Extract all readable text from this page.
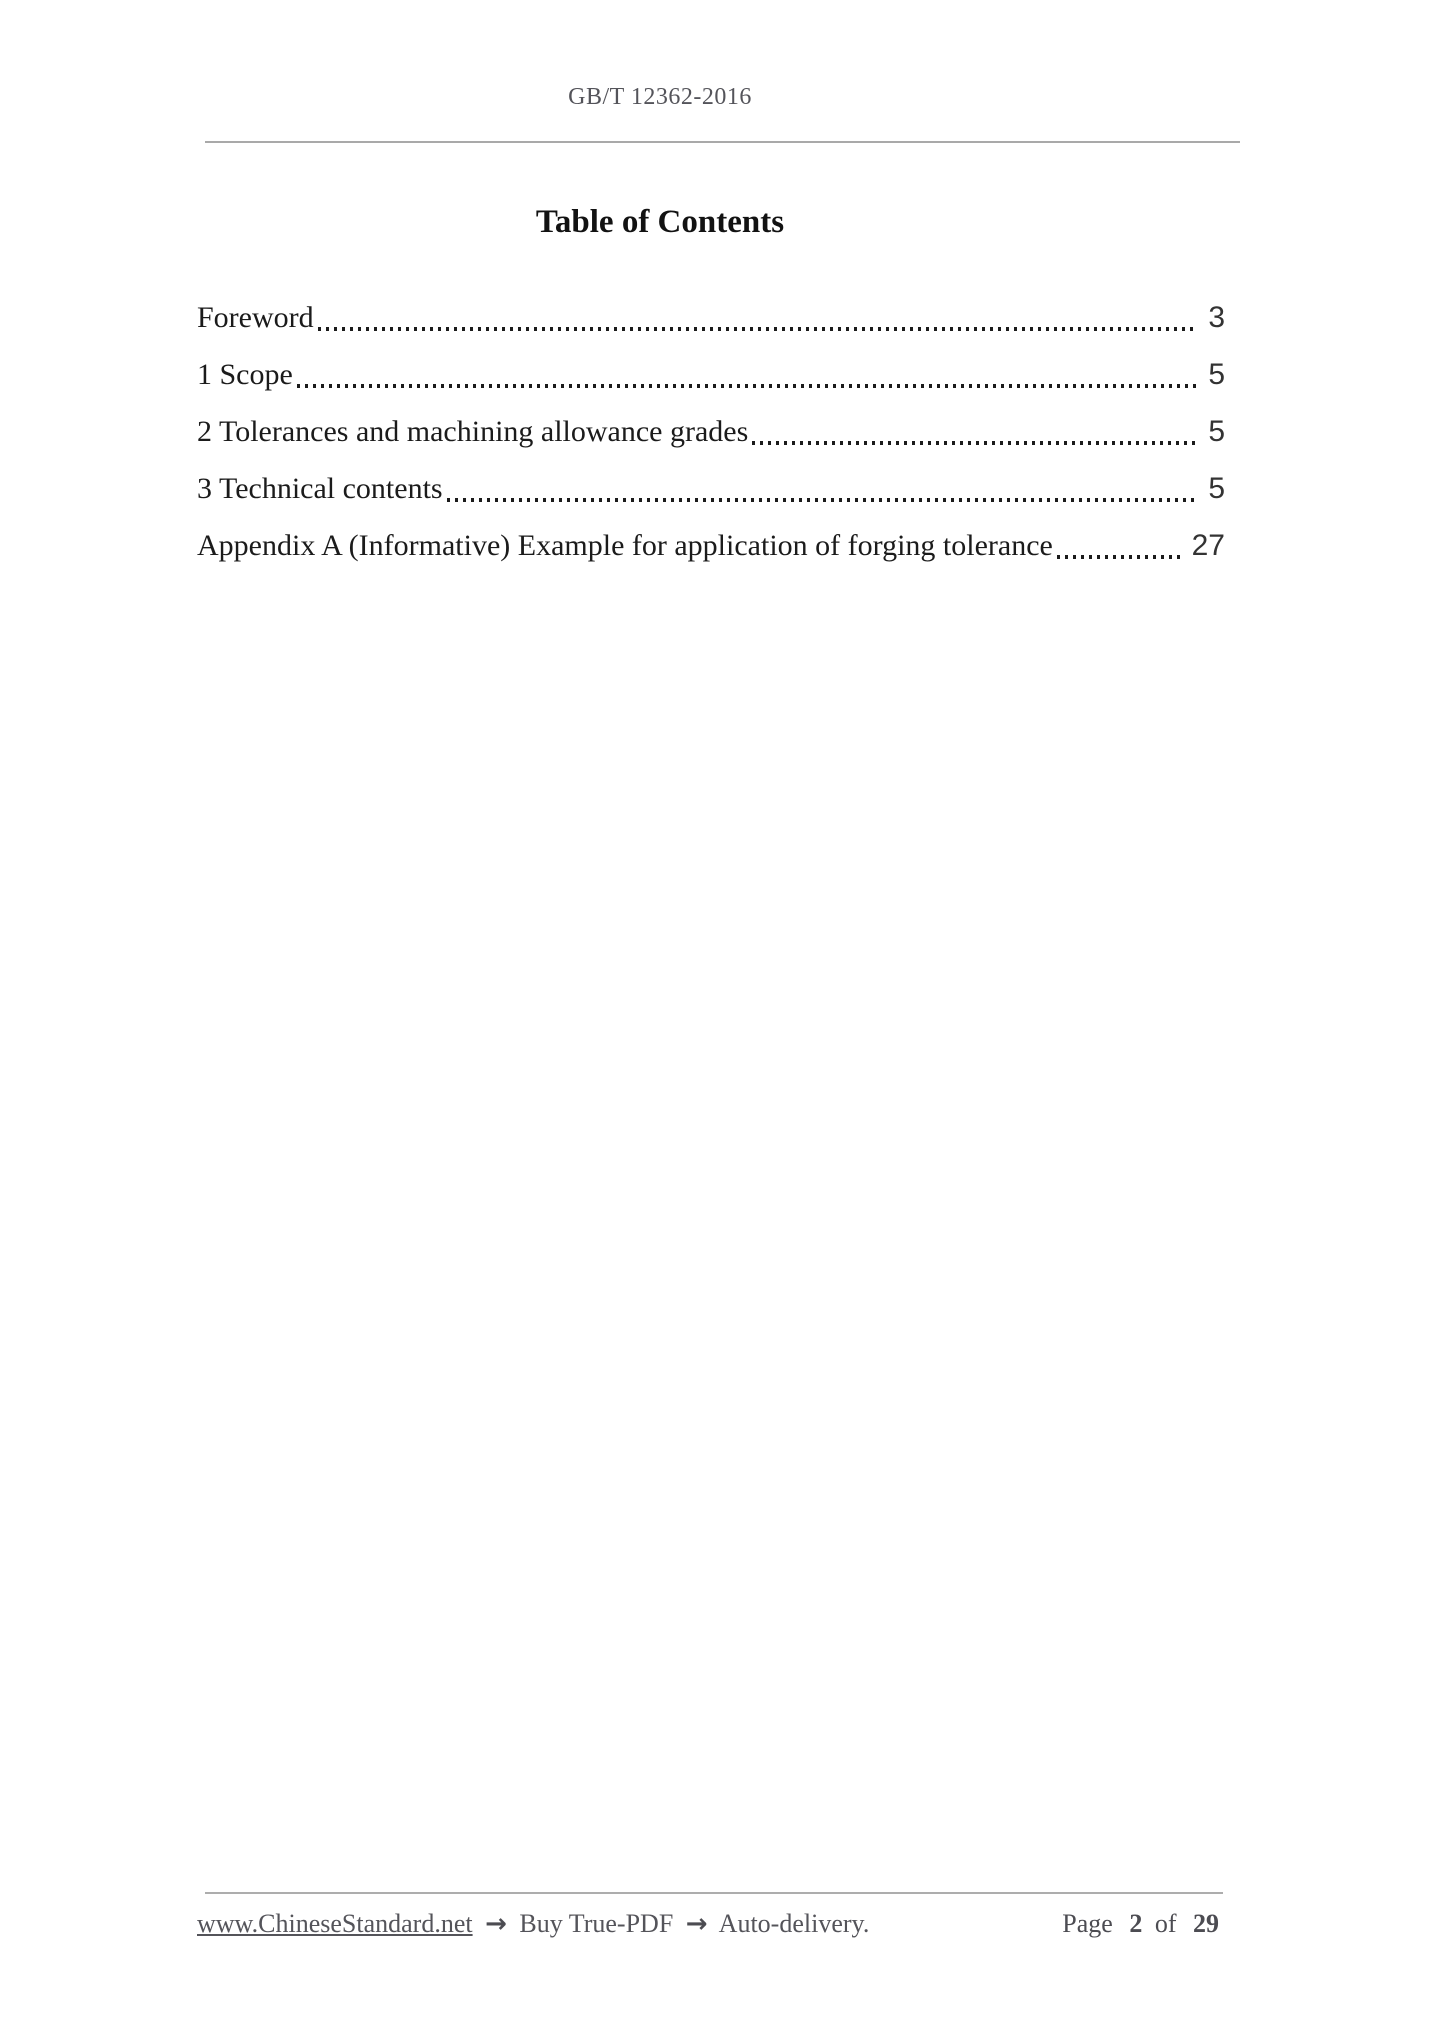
GB/T 12362-2016
Table of Contents
Foreword	3
1 Scope	5
2 Tolerances and machining allowance grades	5
3 Technical contents	5
Appendix A (Informative) Example for application of forging tolerance	27
www.ChineseStandard.net → Buy True-PDF → Auto-delivery.	Page 2 of 29
